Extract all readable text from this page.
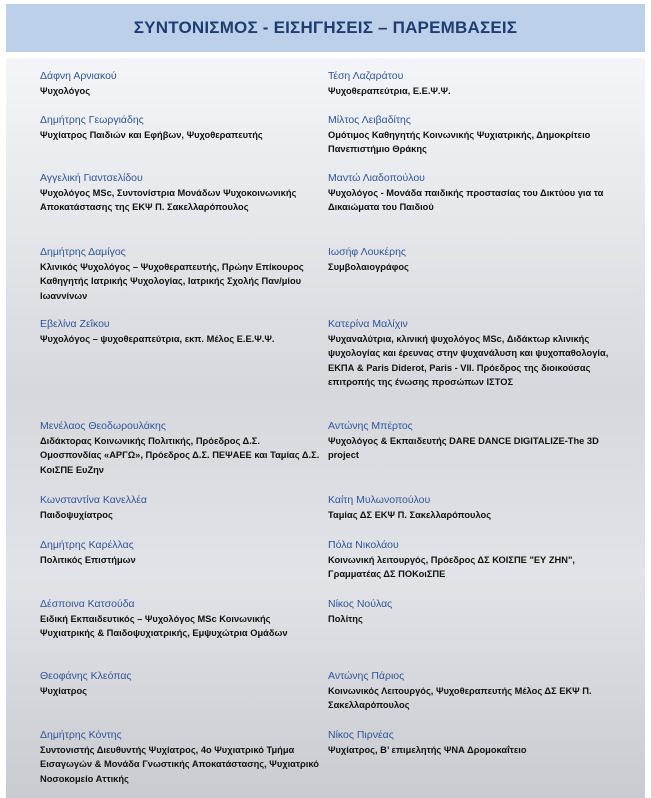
ΣΥΝΤΟΝΙΣΜΟΣ - ΕΙΣΗΓΗΣΕΙΣ – ΠΑΡΕΜΒΑΣΕΙΣ
Δάφνη Αρνιακού
Ψυχολόγος
Δημήτρης Γεωργιάδης
Ψυχίατρος Παιδιών και Εφήβων, Ψυχοθεραπευτής
Αγγελική Γιαντσελίδου
Ψυχολόγος MSc, Συντονίστρια Μονάδων Ψυχοκοινωνικής Αποκατάστασης της ΕΚΨ Π. Σακελλαρόπουλος
Δημήτρης Δαμίγος
Κλινικός Ψυχολόγος – Ψυχοθεραπευτής, Πρώην Επίκουρος Καθηγητής Ιατρικής Ψυχολογίας, Ιατρικής Σχολής Παν/μίου Ιωαννίνων
Εβελίνα Ζεΐκου
Ψυχολόγος – ψυχοθεραπεύτρια, εκπ. Μέλος Ε.Ε.Ψ.Ψ.
Μενέλαος Θεοδωρουλάκης
Διδάκτορας Κοινωνικής Πολιτικής, Πρόεδρος Δ.Σ. Ομοσπονδίας «ΑΡΓΩ», Πρόεδρος Δ.Σ. ΠΕΨΑΕΕ και Ταμίας Δ.Σ. ΚοιΣΠΕ ΕυΖην
Κωνσταντίνα Κανελλέα
Παιδοψυχίατρος
Δημήτρης Καρέλλας
Πολιτικός Επιστήμων
Δέσποινα Κατσούδα
Ειδική Εκπαιδευτικός – Ψυχολόγος MSc Κοινωνικής Ψυχιατρικής & Παιδοψυχιατρικής, Εμψυχώτρια Ομάδων
Θεοφάνης Κλεόπας
Ψυχίατρος
Δημήτρης Κόντης
Συντονιστής Διευθυντής Ψυχίατρος, 4ο Ψυχιατρικό Τμήμα Εισαγωγών & Μονάδα Γνωστικής Αποκατάστασης, Ψυχιατρικό Νοσοκομείο Αττικής
Τέση Λαζαράτου
Ψυχοθεραπεύτρια, Ε.Ε.Ψ.Ψ.
Μίλτος Λειβαδίτης
Ομότιμος Καθηγητής Κοινωνικής Ψυχιατρικής, Δημοκρίτειο Πανεπιστήμιο Θράκης
Μαντώ Λιαδοπούλου
Ψυχολόγος - Μονάδα παιδικής προστασίας του Δικτύου για τα Δικαιώματα του Παιδιού
Ιωσήφ Λουκέρης
Συμβολαιογράφος
Κατερίνα Μαλίχιν
Ψυχαναλύτρια, κλινική ψυχολόγος MSc, Διδάκτωρ κλινικής ψυχολογίας και έρευνας στην ψυχανάλυση και ψυχοπαθολογία, ΕΚΠΑ & Paris Diderot, Paris - VII. Πρόεδρος της διοικούσας επιτροπής της ένωσης προσώπων ΙΣΤΟΣ
Αντώνης Μπέρτος
Ψυχολόγος & Εκπαιδευτής DARE DANCE DIGITALIZE-The 3D project
Καίτη Μυλωνοπούλου
Ταμίας ΔΣ ΕΚΨ Π. Σακελλαρόπουλος
Πόλα Νικολάου
Κοινωνική λειτουργός, Πρόεδρος ΔΣ ΚΟΙΣΠΕ "ΕΥ ΖΗΝ", Γραμματέας ΔΣ ΠΟΚοιΣΠΕ
Νίκος Νούλας
Πολίτης
Αντώνης Πάριος
Κοινωνικός Λειτουργός, Ψυχοθεραπευτής Μέλος ΔΣ ΕΚΨ Π. Σακελλαρόπουλος
Νίκος Πιρνέας
Ψυχίατρος, Β’ επιμελητής ΨΝΑ Δρομοκαΐτειο
